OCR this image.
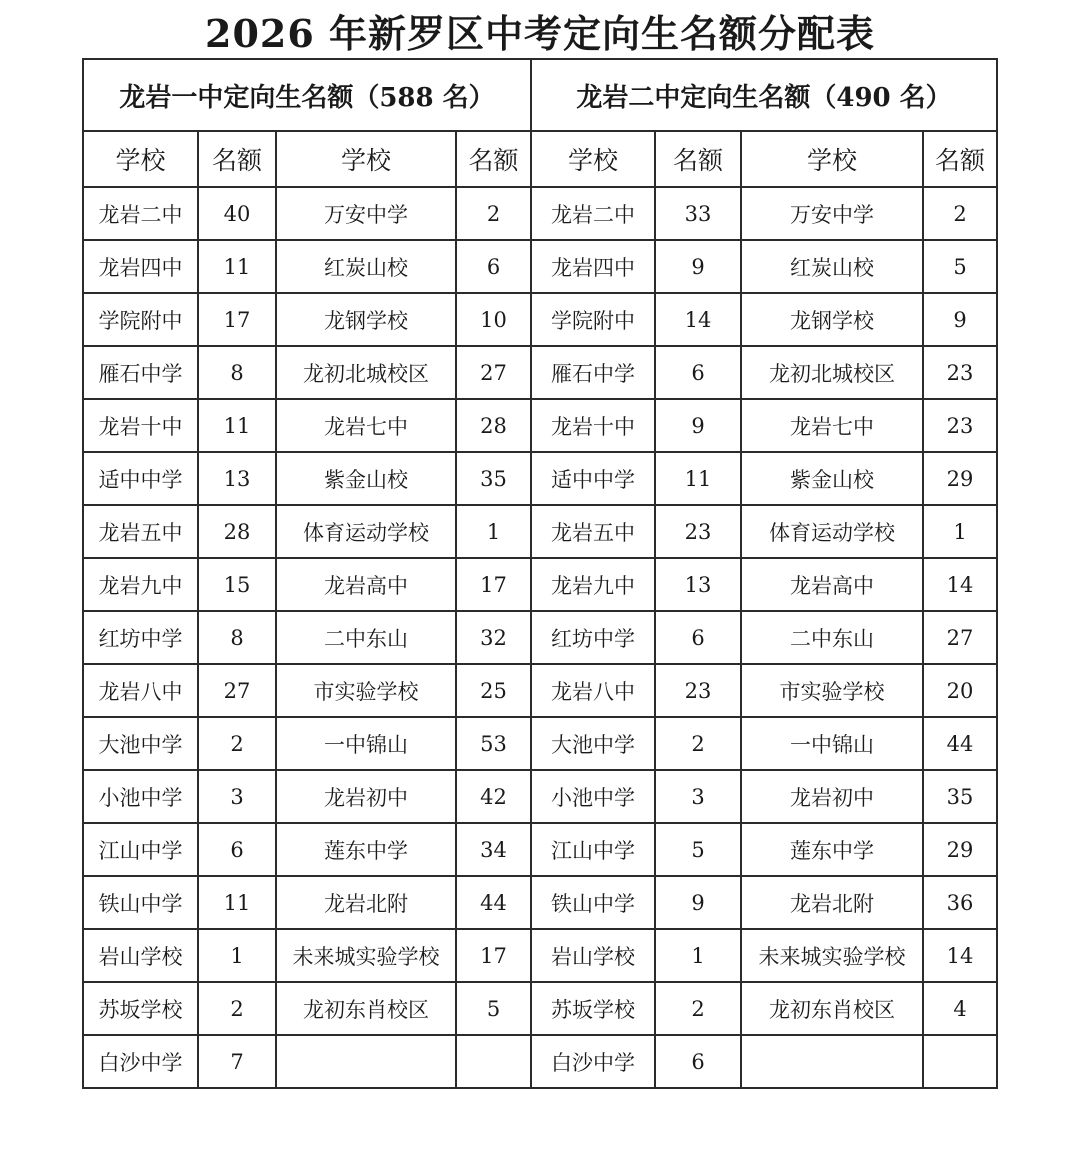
2026 年新罗区中考定向生名额分配表
龙岩一中定向生名额（588 名）				龙岩二中定向生名额（490 名）			
学校	名额	学校	名额	学校	名额	学校	名额
龙岩二中	40	万安中学	2	龙岩二中	33	万安中学	2
龙岩四中	11	红炭山校	6	龙岩四中	9	红炭山校	5
学院附中	17	龙钢学校	10	学院附中	14	龙钢学校	9
雁石中学	8	龙初北城校区	27	雁石中学	6	龙初北城校区	23
龙岩十中	11	龙岩七中	28	龙岩十中	9	龙岩七中	23
适中中学	13	紫金山校	35	适中中学	11	紫金山校	29
龙岩五中	28	体育运动学校	1	龙岩五中	23	体育运动学校	1
龙岩九中	15	龙岩高中	17	龙岩九中	13	龙岩高中	14
红坊中学	8	二中东山	32	红坊中学	6	二中东山	27
龙岩八中	27	市实验学校	25	龙岩八中	23	市实验学校	20
大池中学	2	一中锦山	53	大池中学	2	一中锦山	44
小池中学	3	龙岩初中	42	小池中学	3	龙岩初中	35
江山中学	6	莲东中学	34	江山中学	5	莲东中学	29
铁山中学	11	龙岩北附	44	铁山中学	9	龙岩北附	36
岩山学校	1	未来城实验学校	17	岩山学校	1	未来城实验学校	14
苏坂学校	2	龙初东肖校区	5	苏坂学校	2	龙初东肖校区	4
白沙中学	7			白沙中学	6		
